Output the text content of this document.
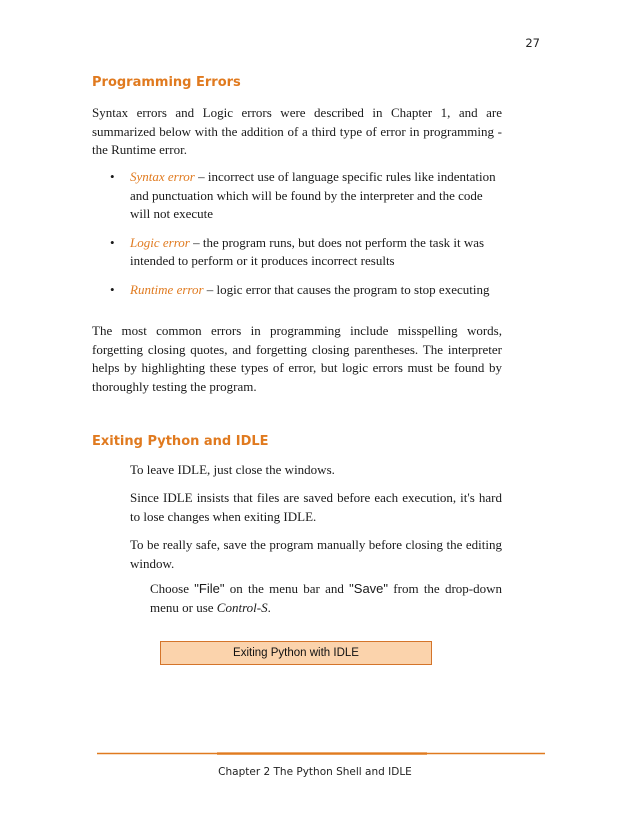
27
Programming Errors

Syntax errors and Logic errors were described in Chapter 1, and are summarized below with the addition of a third type of error in programming - the Runtime error.

• Syntax error – incorrect use of language specific rules like indentation and punctuation which will be found by the interpreter and the code will not execute
• Logic error – the program runs, but does not perform the task it was intended to perform or it produces incorrect results
• Runtime error – logic error that causes the program to stop executing

The most common errors in programming include misspelling words, forgetting closing quotes, and forgetting closing parentheses. The interpreter helps by highlighting these types of error, but logic errors must be found by thoroughly testing the program.

Exiting Python and IDLE

To leave IDLE, just close the windows.

Since IDLE insists that files are saved before each execution, it's hard to lose changes when exiting IDLE.

To be really safe, save the program manually before closing the editing window.

Choose "File" on the menu bar and "Save" from the drop-down menu or use Control-S.

Exiting Python with IDLE
Chapter 2 The Python Shell and IDLE
